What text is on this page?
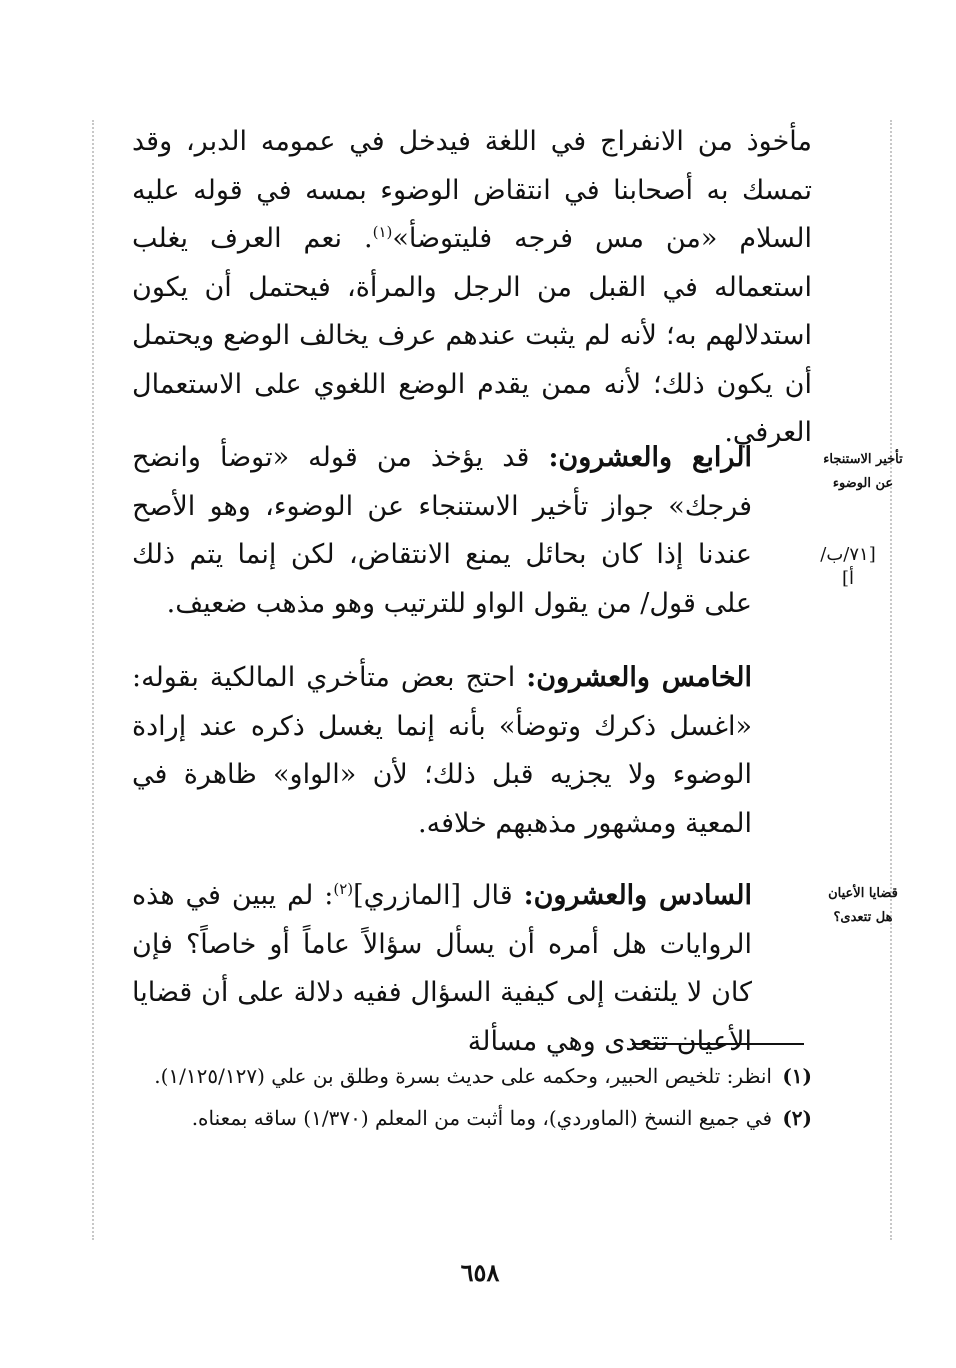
مأخوذ من الانفراج في اللغة فيدخل في عمومه الدبر، وقد تمسك به أصحابنا في انتقاض الوضوء بمسه في قوله عليه السلام «من مس فرجه فليتوضأ»$^{(١)}$. نعم العرف يغلب استعماله في القبل من الرجل والمرأة، فيحتمل أن يكون استدلالهم به؛ لأنه لم يثبت عندهم عرف يخالف الوضع ويحتمل أن يكون ذلك؛ لأنه ممن يقدم الوضع اللغوي على الاستعمال العرفي.

الرابع والعشرون: قد يؤخذ من قوله «توضأ وانضح فرجك» جواز تأخير الاستنجاء عن الوضوء، وهو الأصح عندنا إذا كان بحائل يمنع الانتقاض، لكن إنما يتم ذلك على قول/ من يقول الواو للترتيب وهو مذهب ضعيف.

تأخير الاستنجاء عن الوضوء
[٧١/ب/أ]

الخامس والعشرون: احتج بعض متأخري المالكية بقوله: «اغسل ذكرك وتوضأ» بأنه إنما يغسل ذكره عند إرادة الوضوء ولا يجزيه قبل ذلك؛ لأن «الواو» ظاهرة في المعية ومشهور مذهبهم خلافه.

السادس والعشرون: قال [المازري]$^{(٢)}$: لم يبين في هذه الروايات هل أمره أن يسأل سؤالاً عاماً أو خاصاً؟ فإن كان لا يلتفت إلى كيفية السؤال ففيه دلالة على أن قضايا الأعيان تتعدى وهي مسألة

قضايا الأعيان هل تتعدى؟
(١)
انظر: تلخيص الحبير، وحكمه على حديث بسرة وطلق بن علي (١/١٢٥/١٢٧).
(٢)
في جميع النسخ (الماوردي)، وما أثبت من المعلم (١/٣٧٠) ساقه بمعناه.
٦٥٨
